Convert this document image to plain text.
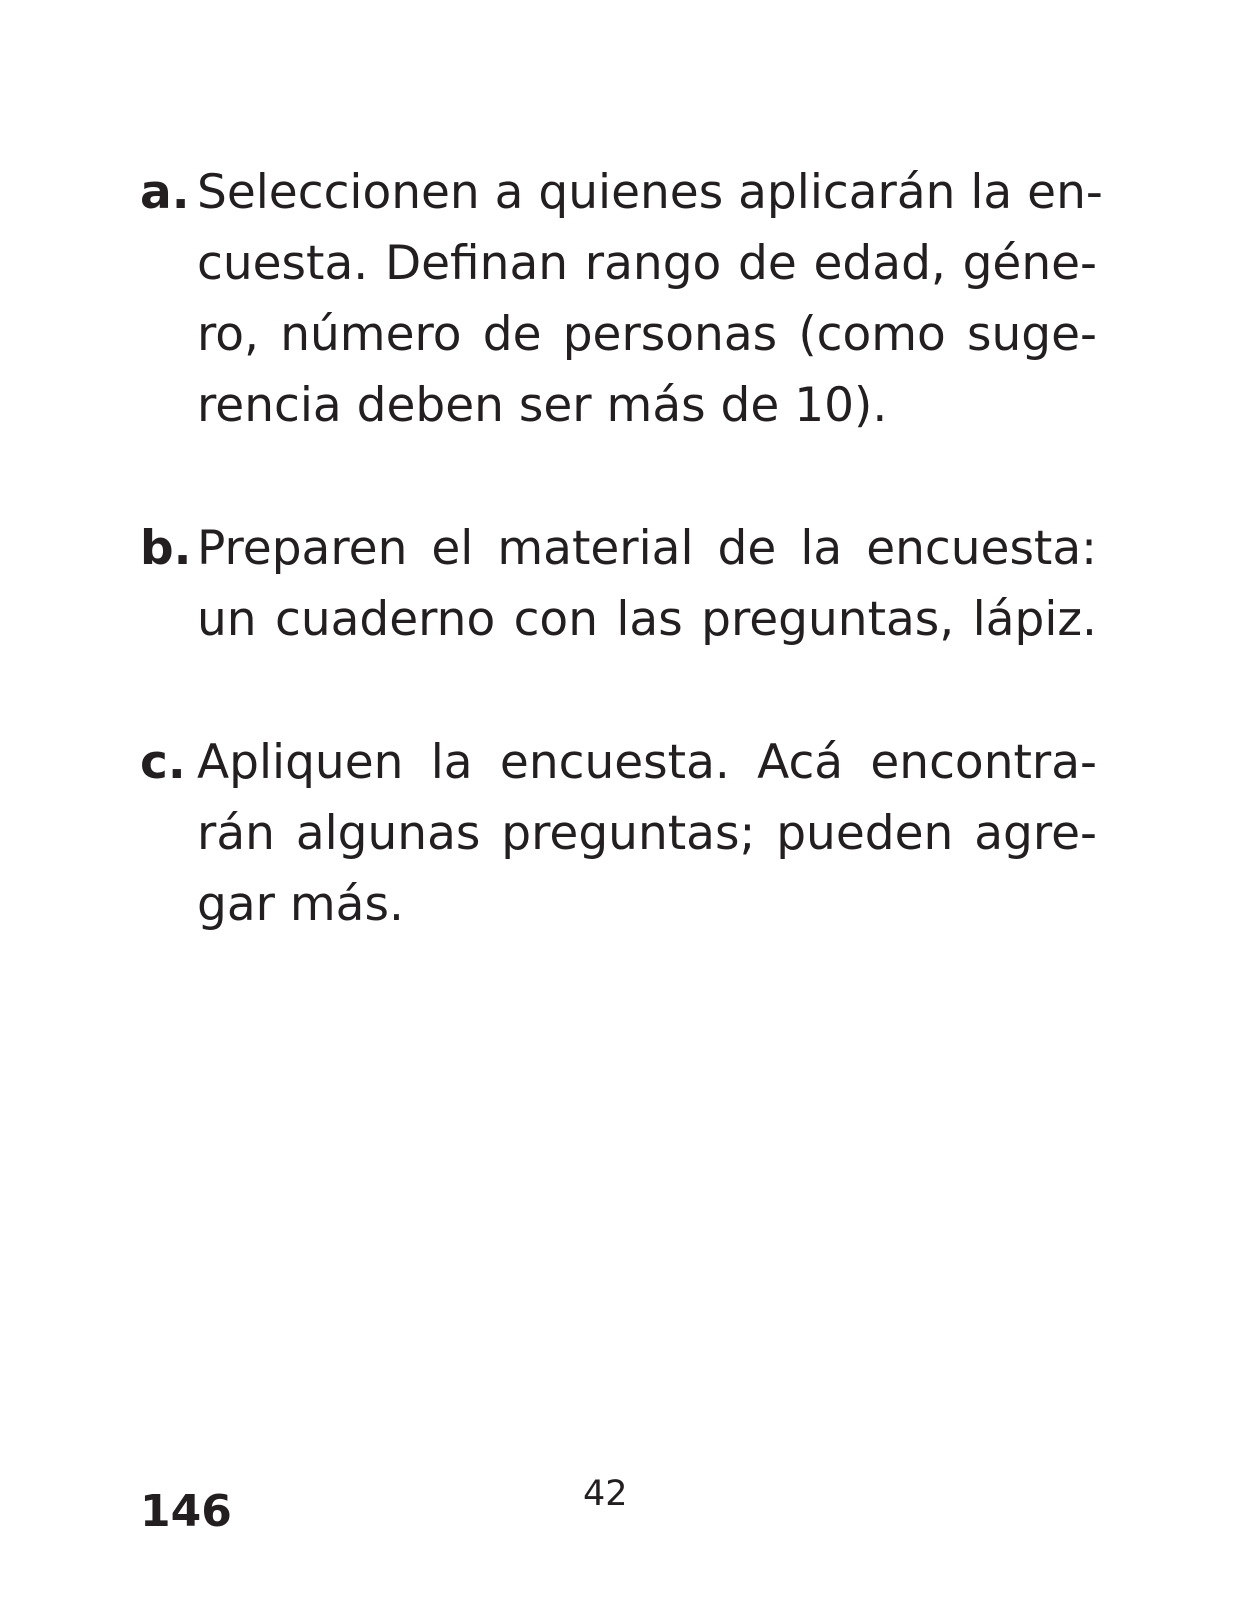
a. Seleccionen a quienes aplicarán la en-
cuesta. Definan rango de edad, géne-
ro, número de personas (como suge-
rencia deben ser más de 10).
b. Preparen el material de la encuesta:
un cuaderno con las preguntas, lápiz.
c. Apliquen la encuesta. Acá encontra-
rán algunas preguntas; pueden agre-
gar más.
146	42
